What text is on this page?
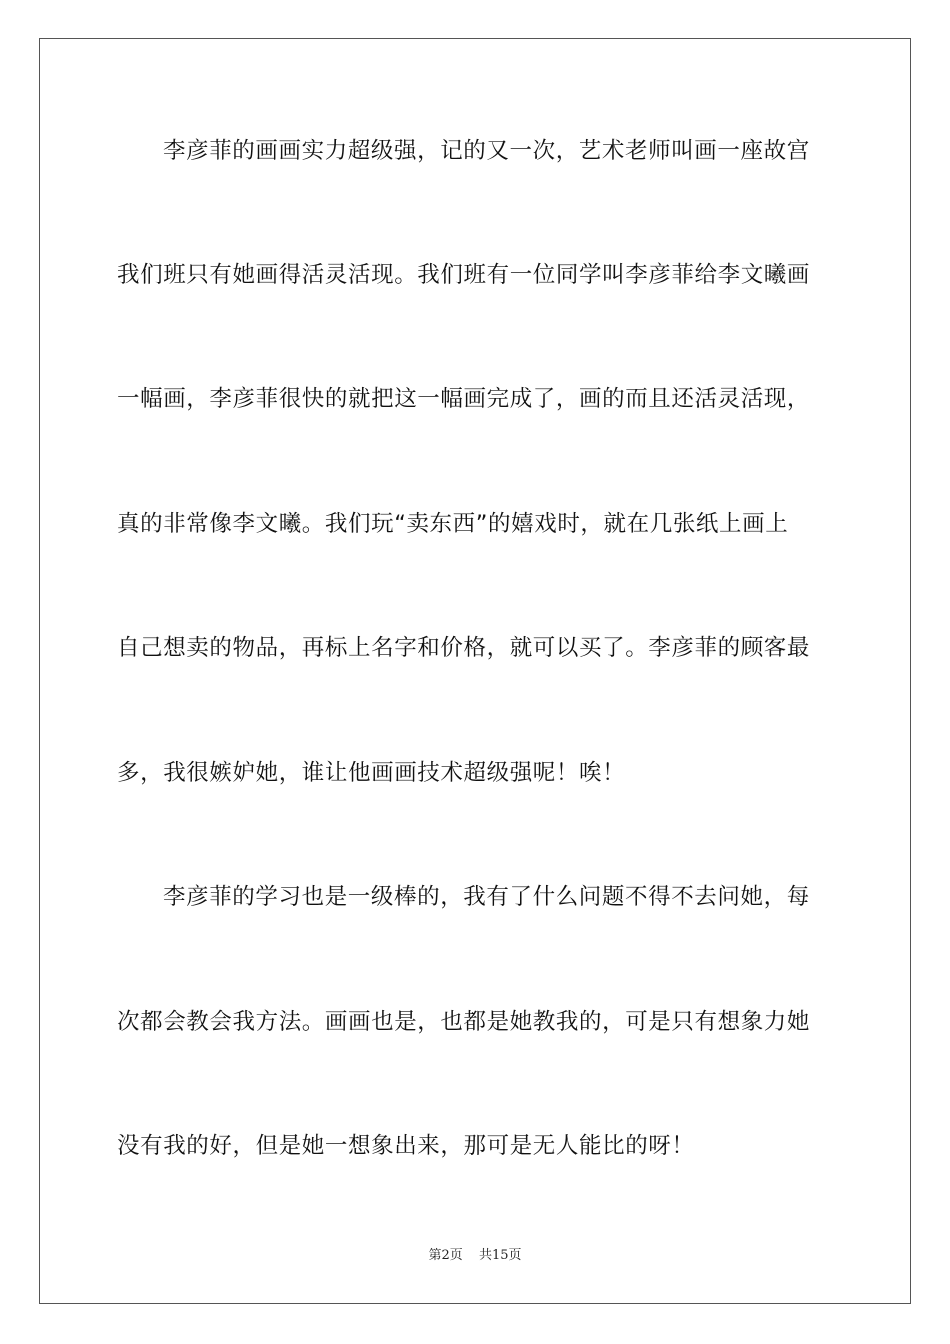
李彦菲的画画实力超级强，记的又一次，艺术老师叫画一座故宫
我们班只有她画得活灵活现。我们班有一位同学叫李彦菲给李文曦画
一幅画，李彦菲很快的就把这一幅画完成了，画的而且还活灵活现，
真的非常像李文曦。我们玩“卖东西”的嬉戏时，就在几张纸上画上
自己想卖的物品，再标上名字和价格，就可以买了。李彦菲的顾客最
多，我很嫉妒她，谁让他画画技术超级强呢！唉！
李彦菲的学习也是一级棒的，我有了什么问题不得不去问她，每
次都会教会我方法。画画也是，也都是她教我的，可是只有想象力她
没有我的好，但是她一想象出来，那可是无人能比的呀！
第2页 共15页
